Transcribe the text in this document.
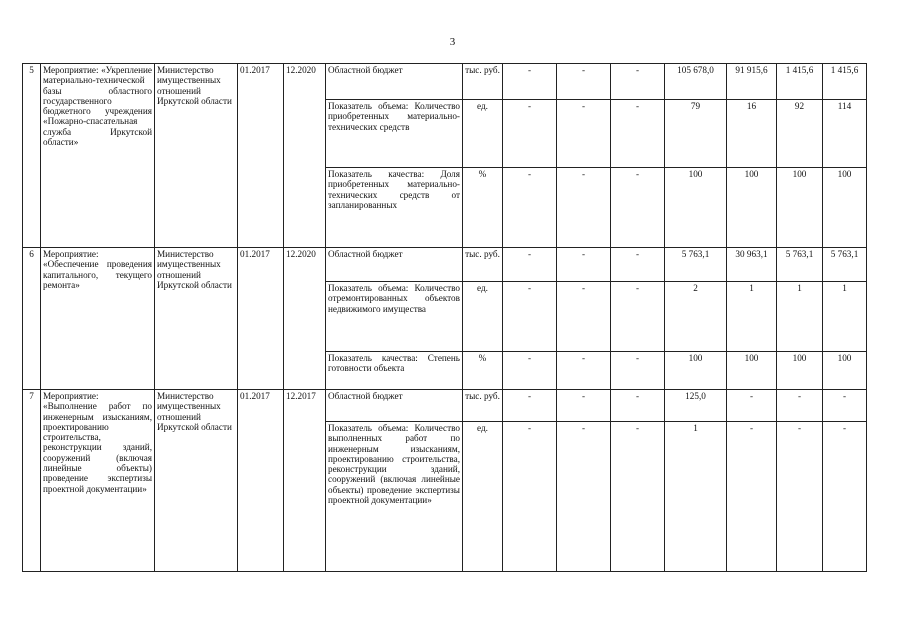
3
5	Мероприятие: «Укрепление материально-технической базы областного государственного бюджетного учреждения «Пожарно-спасательная служба Иркутской области»	Министерство имущественных отношений Иркутской области	01.2017	12.2020	Областной бюджет	тыс. руб.	-	-	-	105 678,0	91 915,6	1 415,6	1 415,6
					Показатель объема: Количество приобретенных материально-технических средств	ед.	-	-	-	79	16	92	114
					Показатель качества: Доля приобретенных материально-технических средств от запланированных	%	-	-	-	100	100	100	100
6	Мероприятие: «Обеспечение проведения капитального, текущего ремонта»	Министерство имущественных отношений Иркутской области	01.2017	12.2020	Областной бюджет	тыс. руб.	-	-	-	5 763,1	30 963,1	5 763,1	5 763,1
					Показатель объема: Количество отремонтированных объектов недвижимого имущества	ед.	-	-	-	2	1	1	1
					Показатель качества: Степень готовности объекта	%	-	-	-	100	100	100	100
7	Мероприятие: «Выполнение работ по инженерным изысканиям, проектированию строительства, реконструкции зданий, сооружений (включая линейные объекты) проведение экспертизы проектной документации»	Министерство имущественных отношений Иркутской области	01.2017	12.2017	Областной бюджет	тыс. руб.	-	-	-	125,0	-	-	-
					Показатель объема: Количество выполненных работ по инженерным изысканиям, проектированию строительства, реконструкции зданий, сооружений (включая линейные объекты) проведение экспертизы проектной документации»	ед.	-	-	-	1	-	-	-
